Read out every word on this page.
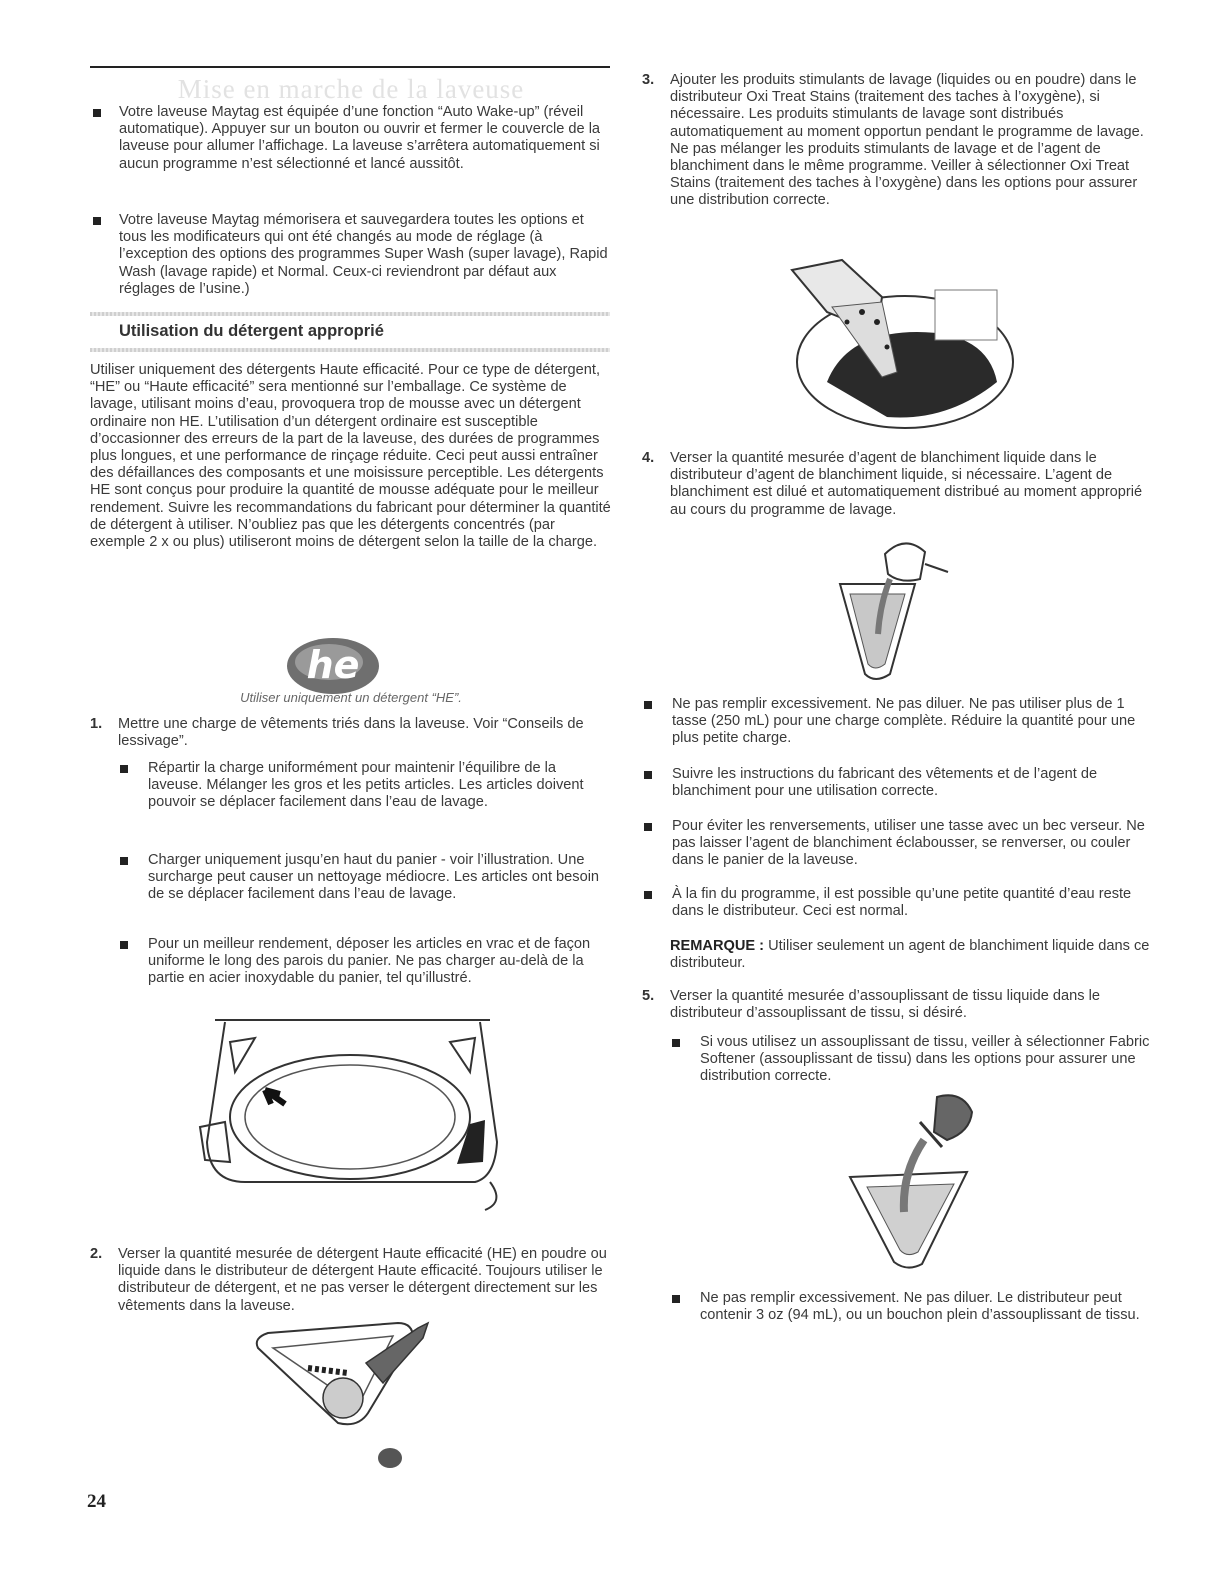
Mise en marche de la laveuse

Votre laveuse Maytag est équipée d’une fonction “Auto Wake-up” (réveil automatique). Appuyer sur un bouton ou ouvrir et fermer le couvercle de la laveuse pour allumer l’affichage. La laveuse s’arrêtera automatiquement si aucun programme n’est sélectionné et lancé aussitôt.

Votre laveuse Maytag mémorisera et sauvegardera toutes les options et tous les modificateurs qui ont été changés au mode de réglage (à l’exception des options des programmes Super Wash (super lavage), Rapid Wash (lavage rapide) et Normal. Ceux-ci reviendront par défaut aux réglages de l’usine.)

Utilisation du détergent approprié

Utiliser uniquement des détergents Haute efficacité. Pour ce type de détergent, “HE” ou “Haute efficacité” sera mentionné sur l’emballage. Ce système de lavage, utilisant moins d’eau, provoquera trop de mousse avec un détergent ordinaire non HE. L’utilisation d’un détergent ordinaire est susceptible d’occasionner des erreurs de la part de la laveuse, des durées de programmes plus longues, et une performance de rinçage réduite. Ceci peut aussi entraîner des défaillances des composants et une moisissure perceptible. Les détergents HE sont conçus pour produire la quantité de mousse adéquate pour le meilleur rendement. Suivre les recommandations du fabricant pour déterminer la quantité de détergent à utiliser. N’oubliez pas que les détergents concentrés (par exemple 2 x ou plus) utiliseront moins de détergent selon la taille de la charge.

he
Utiliser uniquement un détergent “HE”.
1. Mettre une charge de vêtements triés dans la laveuse. Voir “Conseils de lessivage”.

Répartir la charge uniformément pour maintenir l’équilibre de la laveuse. Mélanger les gros et les petits articles. Les articles doivent pouvoir se déplacer facilement dans l’eau de lavage.

Charger uniquement jusqu’en haut du panier - voir l’illustration. Une surcharge peut causer un nettoyage médiocre. Les articles ont besoin de se déplacer facilement dans l’eau de lavage.

Pour un meilleur rendement, déposer les articles en vrac et de façon uniforme le long des parois du panier. Ne pas charger au-delà de la partie en acier inoxydable du panier, tel qu’illustré.

2. Verser la quantité mesurée de détergent Haute efficacité (HE) en poudre ou liquide dans le distributeur de détergent Haute efficacité. Toujours utiliser le distributeur de détergent, et ne pas verser le détergent directement sur les vêtements dans la laveuse.
24
3. Ajouter les produits stimulants de lavage (liquides ou en poudre) dans le distributeur Oxi Treat Stains (traitement des taches à l’oxygène), si nécessaire. Les produits stimulants de lavage sont distribués automatiquement au moment opportun pendant le programme de lavage. Ne pas mélanger les produits stimulants de lavage et de l’agent de blanchiment dans le même programme. Veiller à sélectionner Oxi Treat Stains (traitement des taches à l’oxygène) dans les options pour assurer une distribution correcte.
4. Verser la quantité mesurée d’agent de blanchiment liquide dans le distributeur d’agent de blanchiment liquide, si nécessaire. L’agent de blanchiment est dilué et automatiquement distribué au moment approprié au cours du programme de lavage.

Ne pas remplir excessivement. Ne pas diluer. Ne pas utiliser plus de 1 tasse (250 mL) pour une charge complète. Réduire la quantité pour une plus petite charge.

Suivre les instructions du fabricant des vêtements et de l’agent de blanchiment pour une utilisation correcte.

Pour éviter les renversements, utiliser une tasse avec un bec verseur. Ne pas laisser l’agent de blanchiment éclabousser, se renverser, ou couler dans le panier de la laveuse.

À la fin du programme, il est possible qu’une petite quantité d’eau reste dans le distributeur. Ceci est normal.

REMARQUE : Utiliser seulement un agent de blanchiment liquide dans ce distributeur.

5. Verser la quantité mesurée d’assouplissant de tissu liquide dans le distributeur d’assouplissant de tissu, si désiré.

Si vous utilisez un assouplissant de tissu, veiller à sélectionner Fabric Softener (assouplissant de tissu) dans les options pour assurer une distribution correcte.

Ne pas remplir excessivement. Ne pas diluer. Le distributeur peut contenir 3 oz (94 mL), ou un bouchon plein d’assouplissant de tissu.
